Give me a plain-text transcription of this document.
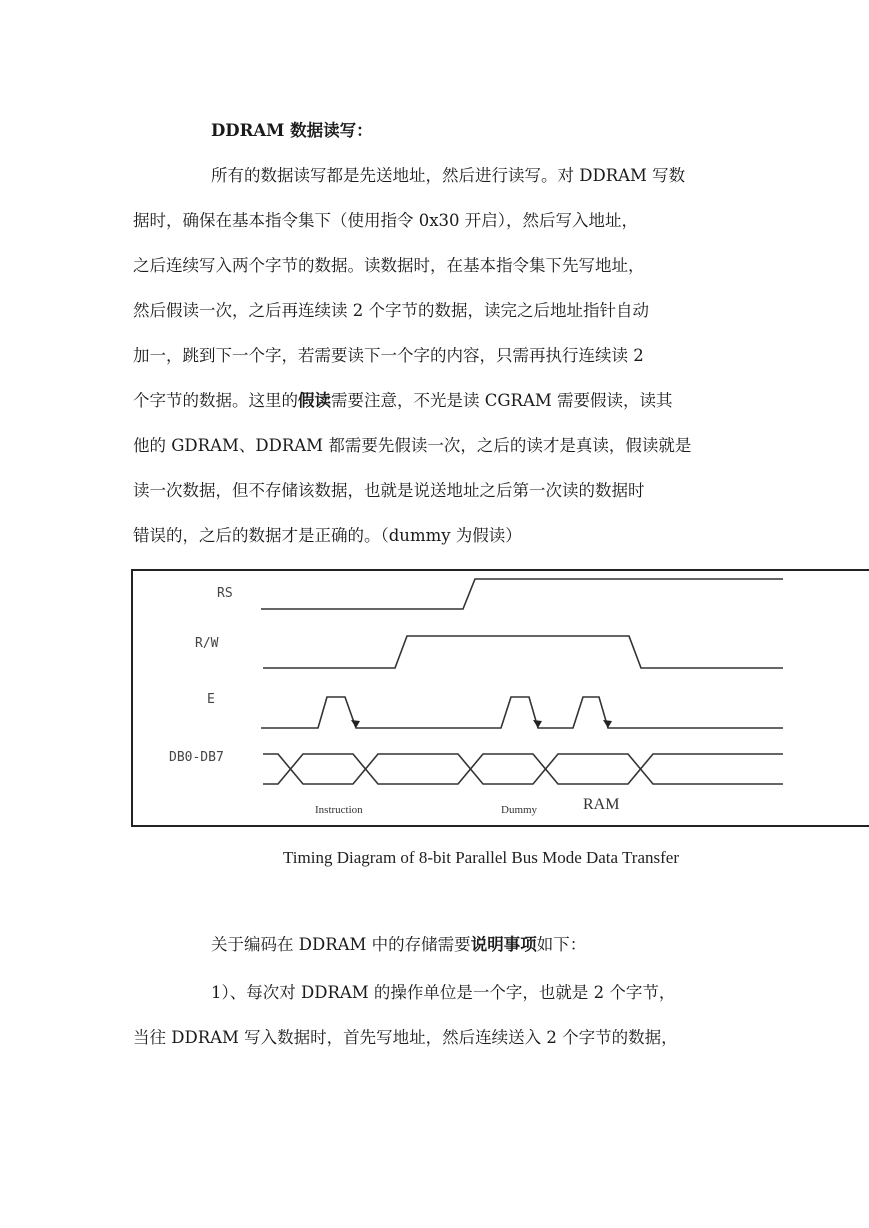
DDRAM 数据读写：
所有的数据读写都是先送地址，然后进行读写。对 DDRAM 写数
据时，确保在基本指令集下（使用指令 0x30 开启），然后写入地址，
之后连续写入两个字节的数据。读数据时，在基本指令集下先写地址，
然后假读一次，之后再连续读 2 个字节的数据，读完之后地址指针自动
加一，跳到下一个字，若需要读下一个字的内容，只需再执行连续读 2
个字节的数据。这里的假读需要注意，不光是读 CGRAM 需要假读，读其
他的 GDRAM、DDRAM 都需要先假读一次，之后的读才是真读，假读就是
读一次数据，但不存储该数据，也就是说送地址之后第一次读的数据时
错误的，之后的数据才是正确的。（dummy 为假读）
RS
R/W
E
DB0-DB7
Instruction	Dummy	RAM
Timing Diagram of 8-bit Parallel Bus Mode Data Transfer
关于编码在 DDRAM 中的存储需要说明事项如下：
1）、每次对 DDRAM 的操作单位是一个字，也就是 2 个字节，
当往 DDRAM 写入数据时，首先写地址，然后连续送入 2 个字节的数据，
